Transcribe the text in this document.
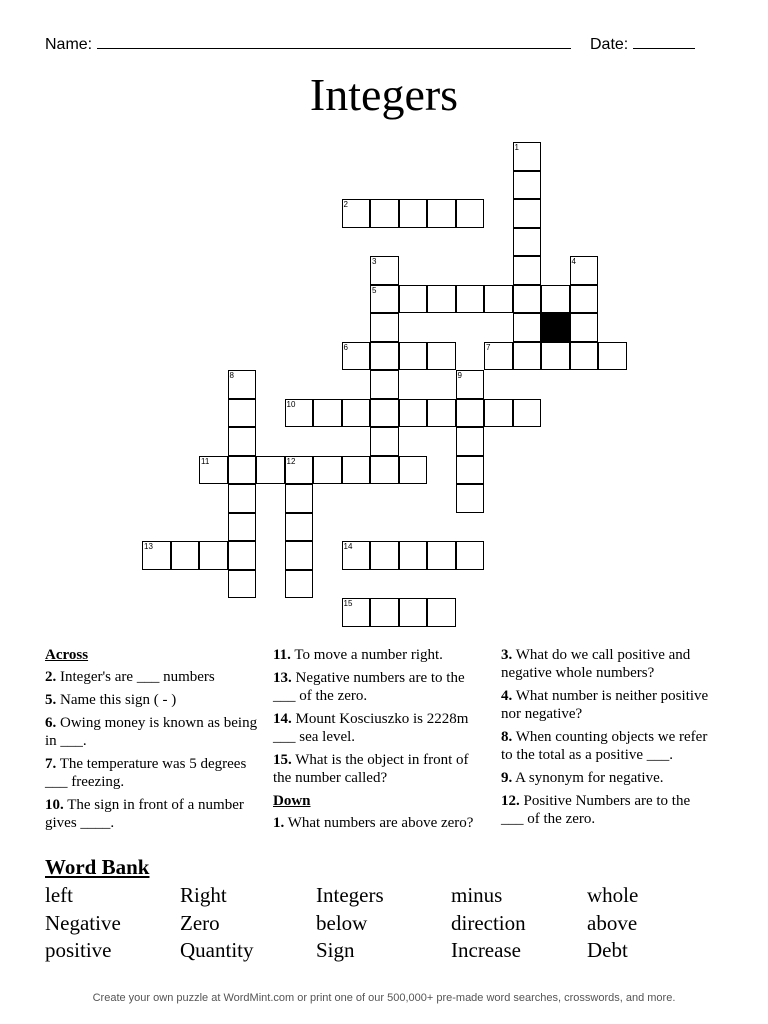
Name:	Date:
Integers
1
3
5
4
8	9
12
2
6	7
10
11
13	14
15
Across
2. Integer's are ___ numbers
5. Name this sign ( - )
6. Owing money is known as being in ___.
7. The temperature was 5 degrees ___ freezing.
10. The sign in front of a number gives ____.
11. To move a number right.
13. Negative numbers are to the ___ of the zero.
14. Mount Kosciuszko is 2228m ___ sea level.
15. What is the object in front of the number called?
Down
1. What numbers are above zero?
3. What do we call positive and negative whole numbers?
4. What number is neither positive nor negative?
8. When counting objects we refer to the total as a positive ___.
9. A synonym for negative.
12. Positive Numbers are to the ___ of the zero.
Word Bank
left	Right	Integers	minus	whole
Negative	Zero	below	direction	above
positive	Quantity	Sign	Increase	Debt
Create your own puzzle at WordMint.com or print one of our 500,000+ pre-made word searches, crosswords, and more.
